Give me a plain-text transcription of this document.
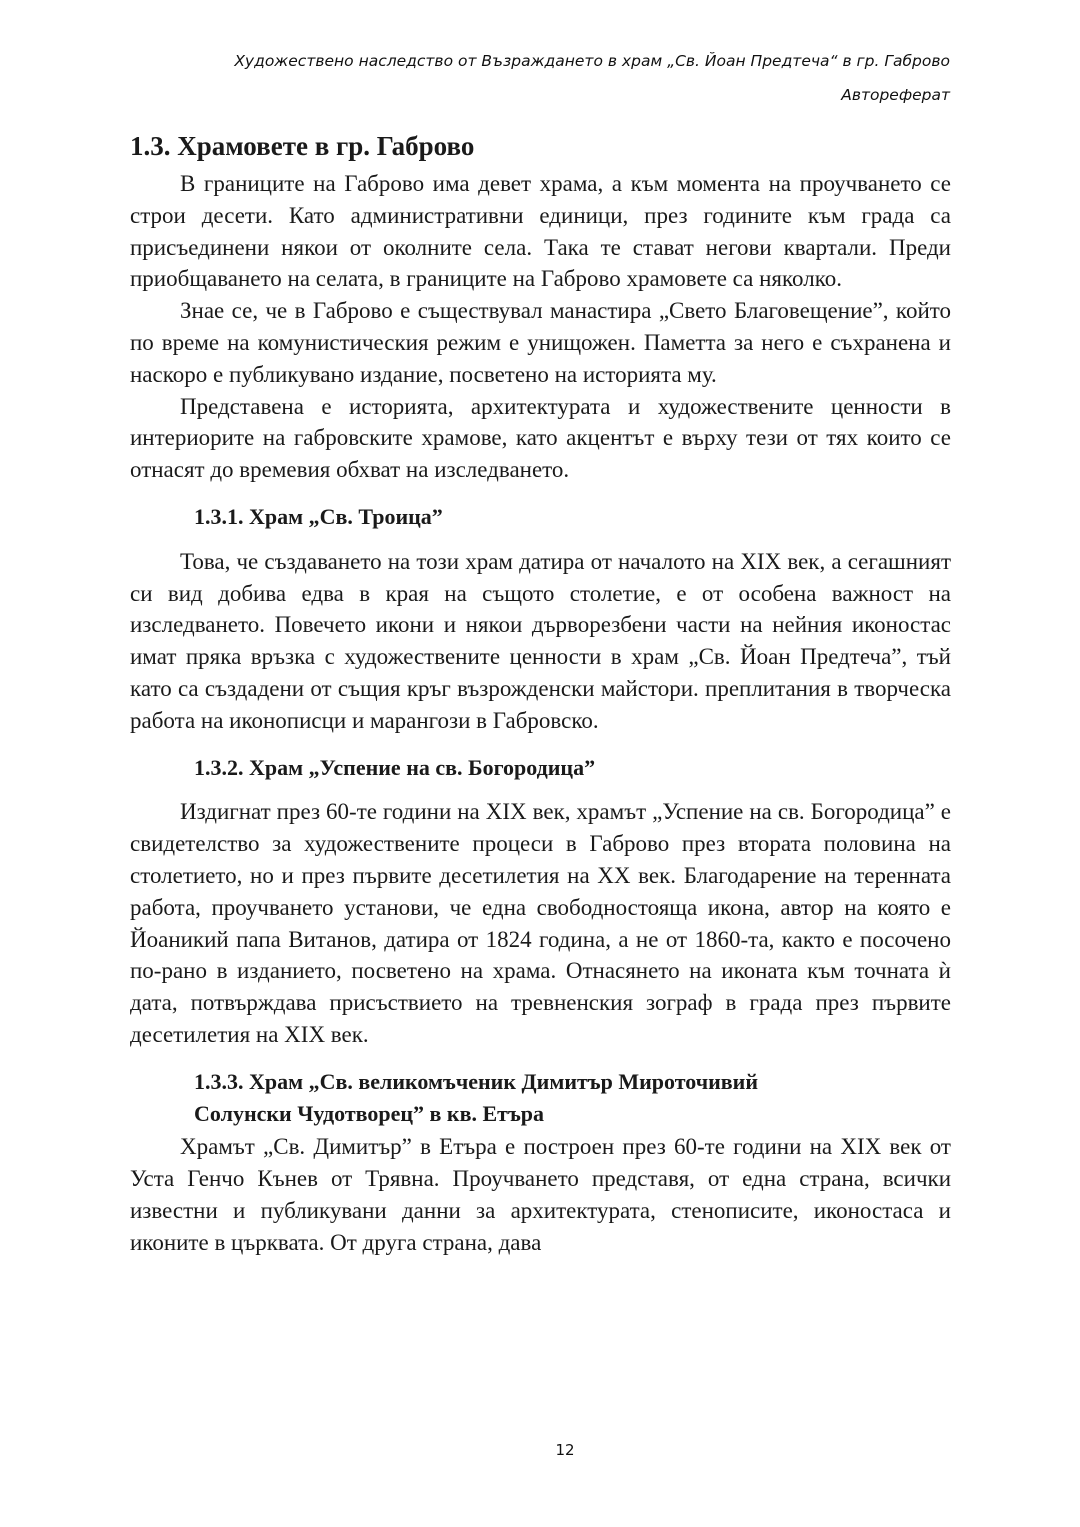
Художествено наследство от Възраждането в храм „Св. Йоан Предтеча“ в гр. Габрово
Автореферат
1.3. Храмовете в гр. Габрово

В границите на Габрово има девет храма, а към момента на проучването се строи десети. Като административни единици, през годините към града са присъединени някои от околните села. Така те стават негови квартали. Преди приобщаването на селата, в границите на Габрово храмовете са няколко.

Знае се, че в Габрово е съществувал манастира „Свето Благовещение”, който по време на комунистическия режим е унищожен. Паметта за него е съхранена и наскоро е публикувано издание, посветено на историята му.

Представена е историята, архитектурата и художествените ценности в интериорите на габровските храмове, като акцентът е върху тези от тях които се отнасят до времевия обхват на изследването.

1.3.1. Храм „Св. Троица”

Това, че създаването на този храм датира от началото на XIX век, а сегашният си вид добива едва в края на същото столетие, е от особена важност на изследването. Повечето икони и някои дърворезбени части на нейния иконостас имат пряка връзка с художествените ценности в храм „Св. Йоан Предтеча”, тъй като са създадени от същия кръг възрожденски майстори. преплитания в творческа работа на иконописци и марангози в Габровско.

1.3.2. Храм „Успение на св. Богородица”

Издигнат през 60-те години на XIX век, храмът „Успение на св. Богородица” е свидетелство за художествените процеси в Габрово през втората половина на столетието, но и през първите десетилетия на XX век. Благодарение на теренната работа, проучването установи, че една свободностояща икона, автор на която е Йоаникий папа Витанов, датира от 1824 година, а не от 1860-та, както е посочено по-рано в изданието, посветено на храма. Отнасянето на иконата към точната ѝ дата, потвърждава присъствието на тревненския зограф в града през първите десетилетия на XIX век.

1.3.3. Храм „Св. великомъченик Димитър Мироточивий Солунски Чудотворец” в кв. Етъра

Храмът „Св. Димитър” в Етъра е построен през 60-те години на XIX век от Уста Генчо Кънев от Трявна. Проучването представя, от една страна, всички известни и публикувани данни за архитектурата, стенописите, иконостаса и иконите в църквата. От друга страна, дава

12
